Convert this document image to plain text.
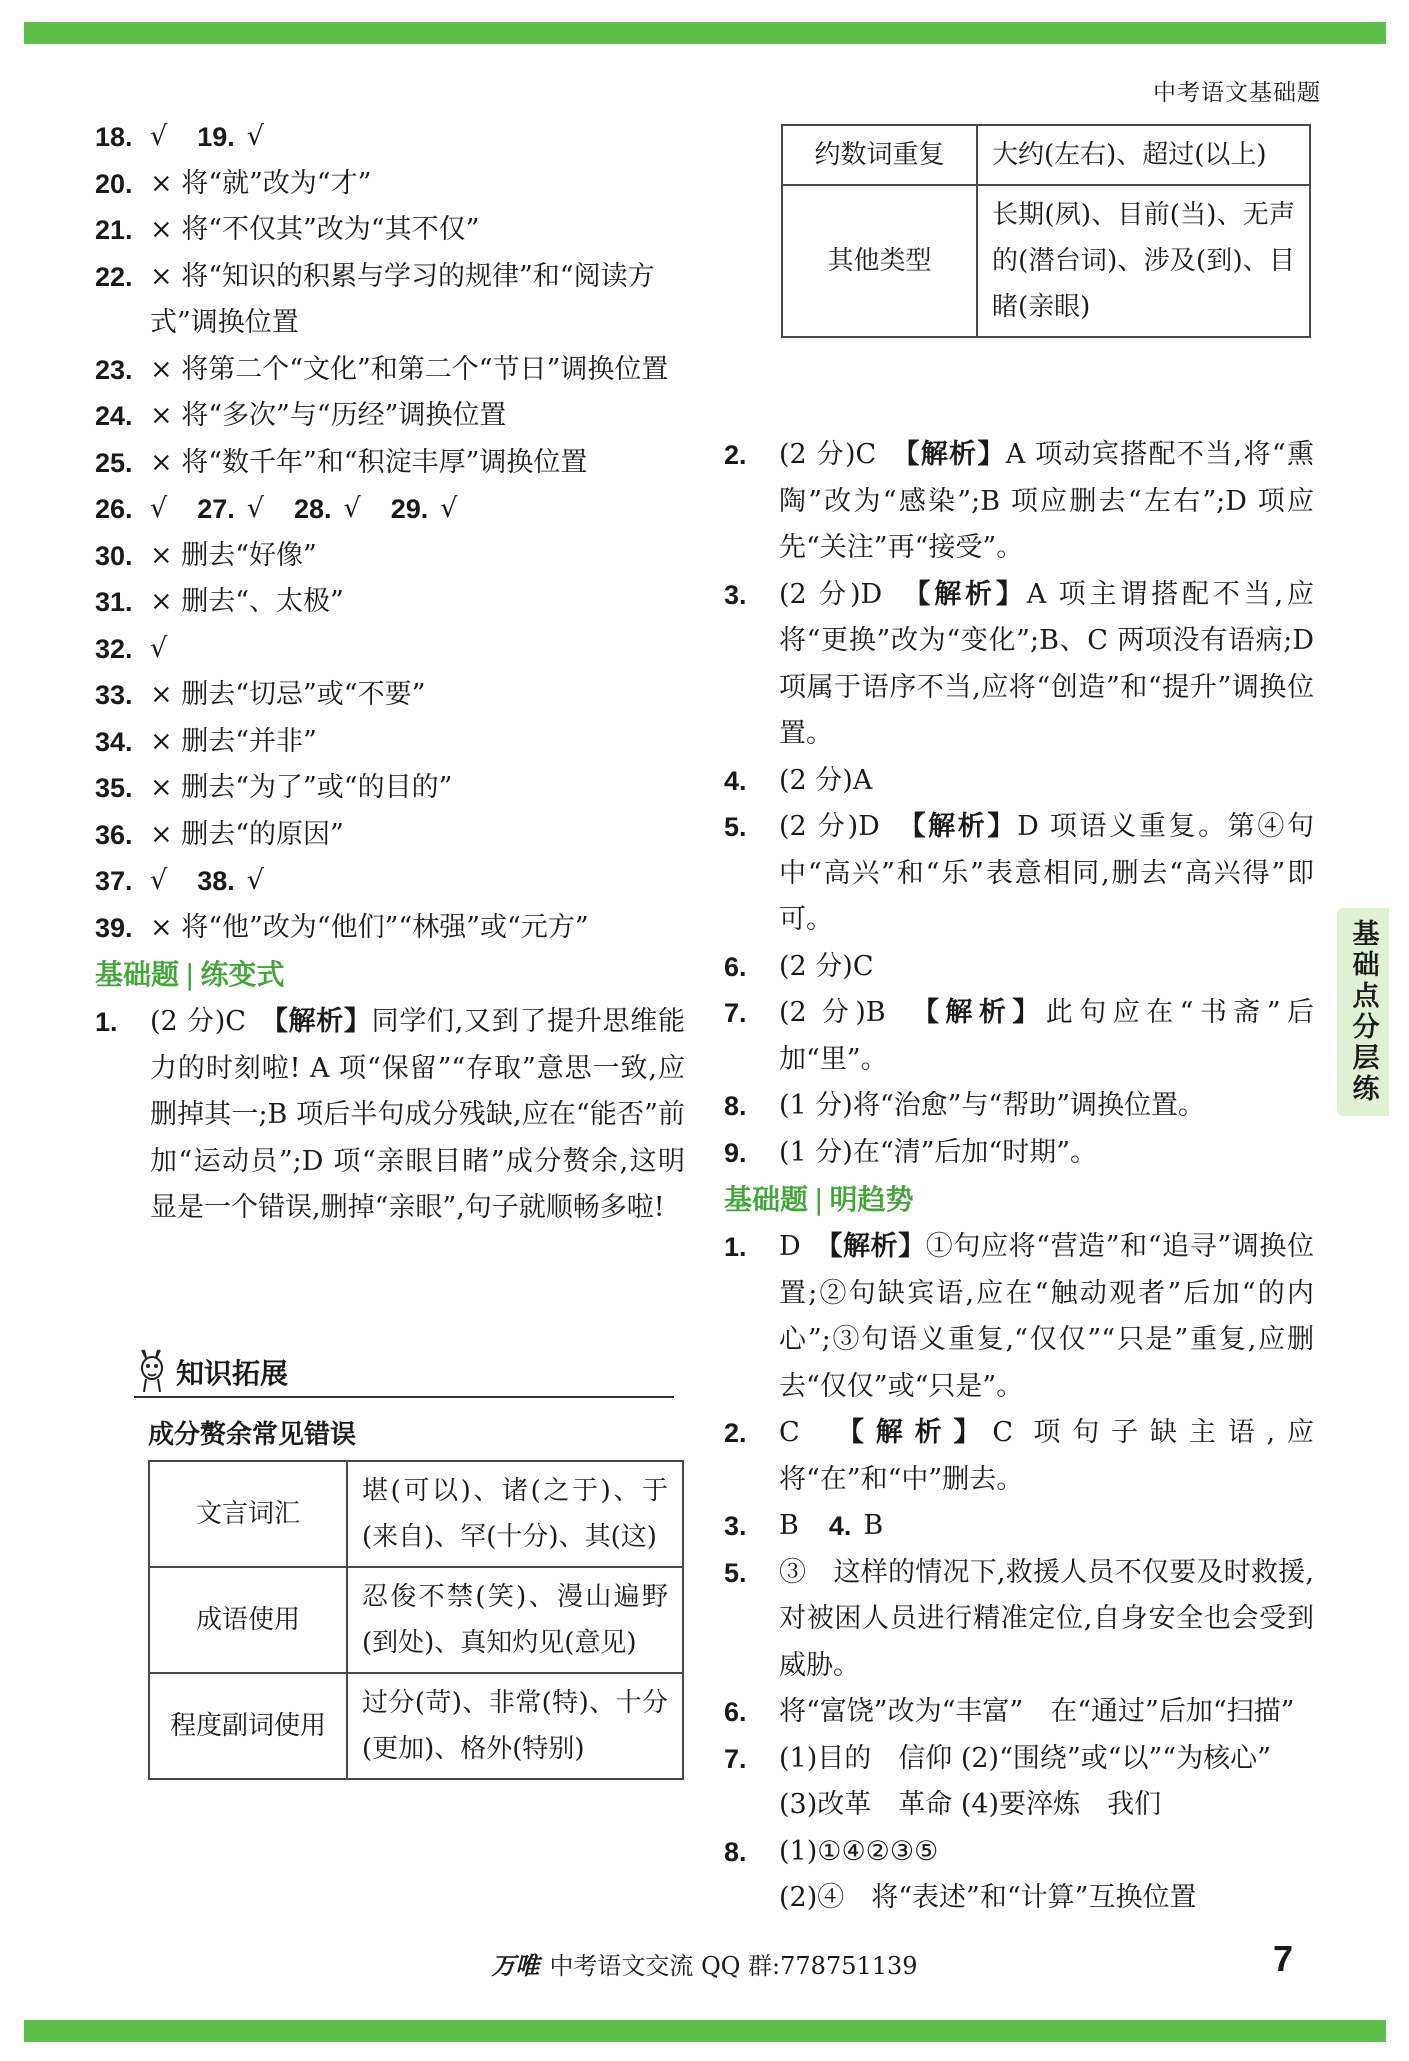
中考语文基础题
基础点分层练
18. √ 19. √
20. × 将“就”改为“才”
21. × 将“不仅其”改为“其不仅”
22. × 将“知识的积累与学习的规律”和“阅读方式”调换位置
23. × 将第二个“文化”和第二个“节日”调换位置
24. × 将“多次”与“历经”调换位置
25. × 将“数千年”和“积淀丰厚”调换位置
26. √ 27. √ 28. √ 29. √
30. × 删去“好像”
31. × 删去“、太极”
32. √
33. × 删去“切忌”或“不要”
34. × 删去“并非”
35. × 删去“为了”或“的目的”
36. × 删去“的原因”
37. √ 38. √
39. × 将“他”改为“他们”“林强”或“元方”
基础题 | 练变式
1. (2 分)C　【解析】同学们,又到了提升思维能力的时刻啦! A 项“保留”“存取”意思一致,应删掉其一;B 项后半句成分残缺,应在“能否”前加“运动员”;D 项“亲眼目睹”成分赘余,这明显是一个错误,删掉“亲眼”,句子就顺畅多啦!
知识拓展
成分赘余常见错误
文言词汇	堪(可以)、诸(之于)、于(来自)、罕(十分)、其(这)
成语使用	忍俊不禁(笑)、漫山遍野(到处)、真知灼见(意见)
程度副词使用	过分(苛)、非常(特)、十分(更加)、格外(特别)
约数词重复	大约(左右)、超过(以上)
其他类型	长期(夙)、目前(当)、无声的(潜台词)、涉及(到)、目睹(亲眼)
2. (2 分)C　【解析】A 项动宾搭配不当,将“熏陶”改为“感染”;B 项应删去“左右”;D 项应先“关注”再“接受”。
3. (2 分)D　【解析】A 项主谓搭配不当,应将“更换”改为“变化”;B、C 两项没有语病;D 项属于语序不当,应将“创造”和“提升”调换位置。
4. (2 分)A
5. (2 分)D　【解析】D 项语义重复。第④句中“高兴”和“乐”表意相同,删去“高兴得”即可。
6. (2 分)C
7. (2 分)B　【解析】此句应在“书斋”后加“里”。
8. (1 分)将“治愈”与“帮助”调换位置。
9. (1 分)在“清”后加“时期”。
基础题 | 明趋势
1. D　【解析】①句应将“营造”和“追寻”调换位置;②句缺宾语,应在“触动观者”后加“的内心”;③句语义重复,“仅仅”“只是”重复,应删去“仅仅”或“只是”。
2. C　【解析】C 项句子缺主语,应将“在”和“中”删去。
3.	B 4. B
5. ③　这样的情况下,救援人员不仅要及时救援,对被困人员进行精准定位,自身安全也会受到威胁。
6. 将“富饶”改为“丰富”　在“通过”后加“扫描”
7. (1)目的　信仰 (2)“围绕”或“以”“为核心” (3)改革　革命 (4)要淬炼　我们
8. (1)①④②③⑤
(2)④　将“表述”和“计算”互换位置
万唯 中考语文交流 QQ 群:778751139	7
